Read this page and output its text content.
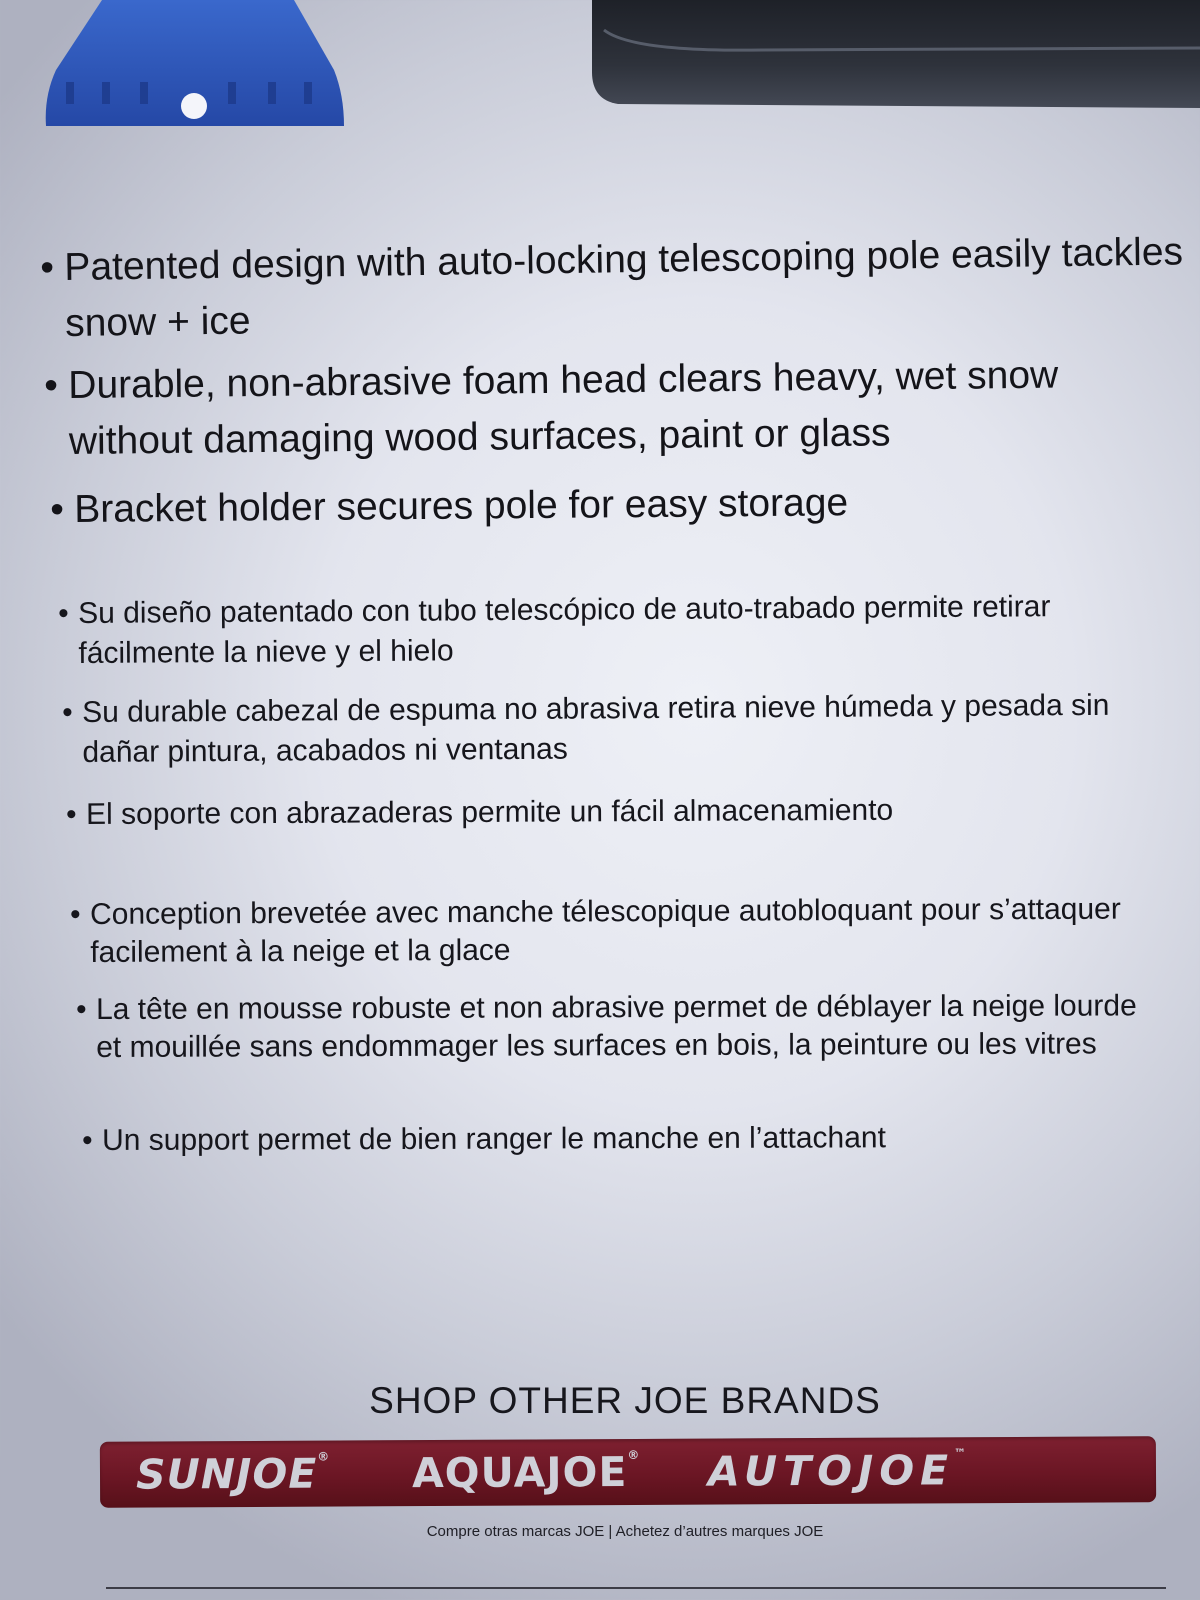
• Patented design with auto-locking telescoping pole easily tackles snow + ice
• Durable, non-abrasive foam head clears heavy, wet snow without damaging wood surfaces, paint or glass
• Bracket holder secures pole for easy storage
• Su diseño patentado con tubo telescópico de auto-trabado permite retirar fácilmente la nieve y el hielo
• Su durable cabezal de espuma no abrasiva retira nieve húmeda y pesada sin dañar pintura, acabados ni ventanas
• El soporte con abrazaderas permite un fácil almacenamiento
• Conception brevetée avec manche télescopique autobloquant pour s’attaquer facilement à la neige et la glace
• La tête en mousse robuste et non abrasive permet de déblayer la neige lourde et mouillée sans endommager les surfaces en bois, la peinture ou les vitres
• Un support permet de bien ranger le manche en l’attachant
SHOP OTHER JOE BRANDS
SUNJOE® AQUAJOE® AUTOJOE™
Compre otras marcas JOE | Achetez d’autres marques JOE
